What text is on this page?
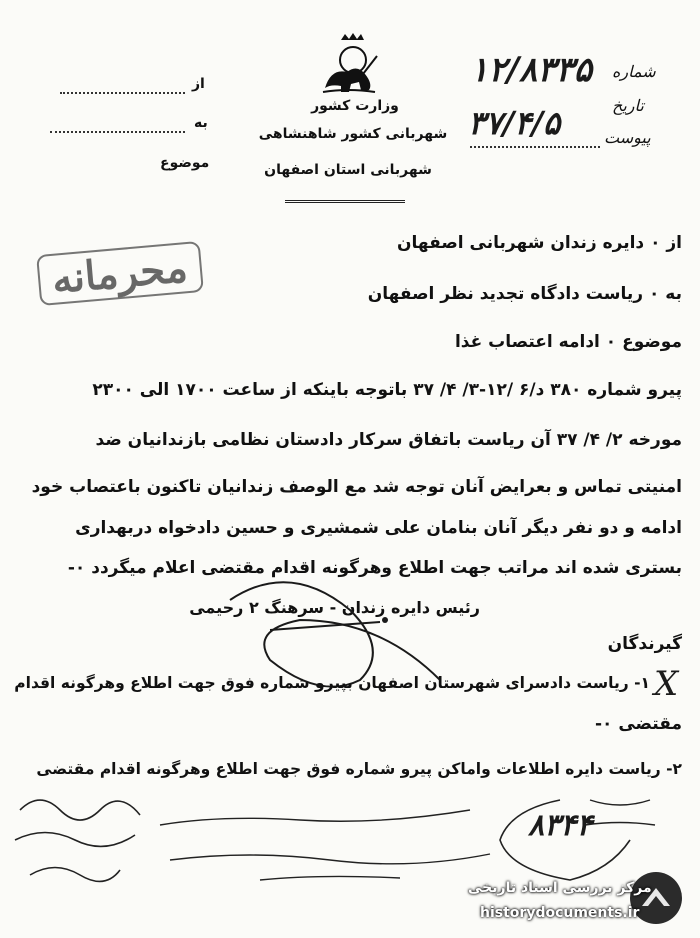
وزارت کشور
شهربانی کشور شاهنشاهی
شهربانی استان اصفهان
از
به
موضوع
شماره
۱۲/۸۳۳۵
تاریخ
۳۷/۴/۵	پیوست
محرمانه
از ٠ دایره زندان شهربانی اصفهان
به ٠ ریاست دادگاه تجدید نظر اصفهان
موضوع ٠ ادامه اعتصاب غذا
پیرو شماره ۳۸۰ د/۶ /۱۲-۳/ ۴/ ۳۷ باتوجه باینکه از ساعت ۱۷۰۰ الی ۲۳۰۰
مورخه ۲/ ۴/ ۳۷ آن ریاست باتفاق سرکار دادستان نظامی بازندانیان ضد
امنیتی تماس و بعرایض آنان توجه شد مع الوصف زندانیان تاکنون باعتصاب خود
ادامه و دو نفر دیگر آنان بنامان علی شمشیری و حسین دادخواه دربهداری
بستری شده اند مراتب جهت اطلاع وهرگونه اقدام مقتضی اعلام میگردد ٠-
رئیس دایره زندان - سرهنگ ۲ رحیمی
گیرندگان
X
۱- ریاست دادسرای شهرستان اصفهان بپیرو شماره فوق جهت اطلاع وهرگونه اقدام
مقتضی ٠-
۲- ریاست دایره اطلاعات واماکن پیرو شماره فوق جهت اطلاع وهرگونه اقدام مقتضی
۸۳۴۴
مرکز بررسی اسناد تاریخی
historydocuments.ir
